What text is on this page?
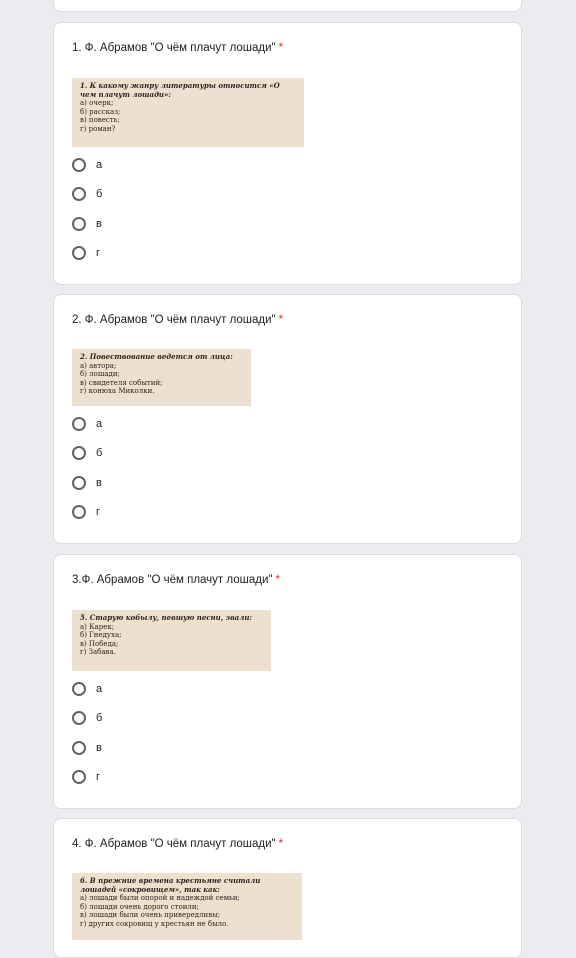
1. Ф. Абрамов "О чём плачут лошади" *
1. К какому жанру литературы относится «О чем плачут лошади»:
а) очерк;
б) рассказ;
в) повесть;
г) роман?
а
б
в
г
2. Ф. Абрамов "О чём плачут лошади" *
2. Повествование ведется от лица:
а) автора;
б) лошади;
в) свидетеля событий;
г) конюха Миколки.
а
б
в
г
3.Ф. Абрамов "О чём плачут лошади" *
5. Старую кобылу, певшую песни, звали:
а) Карек;
б) Гнедуха;
в) Победа;
г) Забава.
а
б
в
г
4. Ф. Абрамов "О чём плачут лошади" *
6. В прежние времена крестьяне считали лошадей «сокровищем», так как:
а) лошади были опорой и надеждой семьи;
б) лошади очень дорого стоили;
в) лошади были очень привередливы;
г) других сокровищ у крестьян не было.
